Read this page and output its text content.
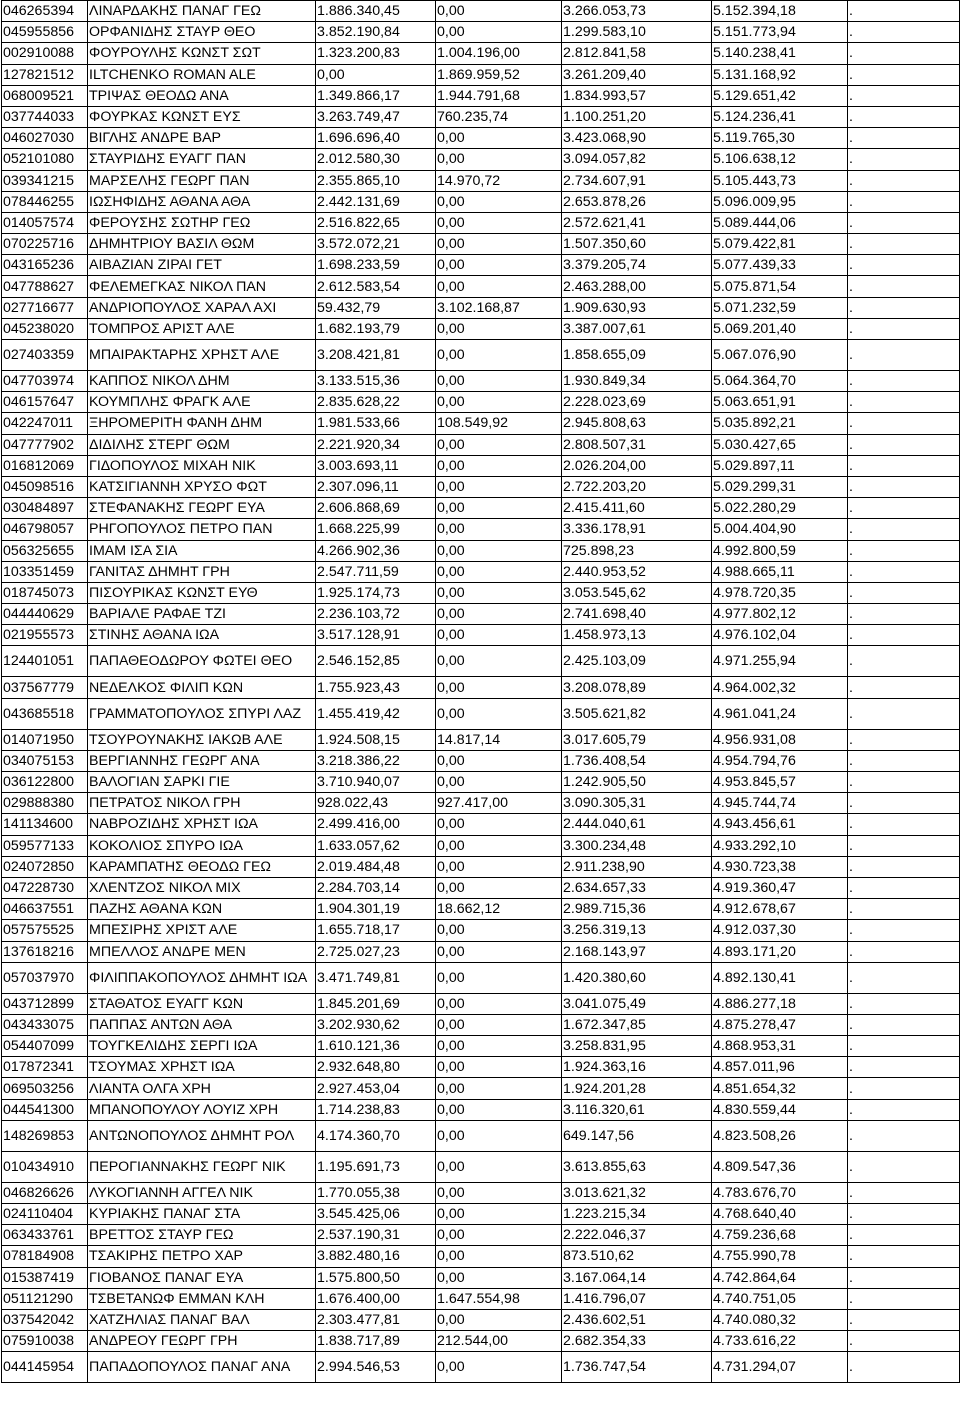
046265394	ΛΙΝΑΡΔΑΚΗΣ ΠΑΝΑΓ ΓΕΩ	1.886.340,45	0,00	3.266.053,73	5.152.394,18	.
045955856	ΟΡΦΑΝΙΔΗΣ ΣΤΑΥΡ ΘΕΟ	3.852.190,84	0,00	1.299.583,10	5.151.773,94	.
002910088	ΦΟΥΡΟΥΛΗΣ ΚΩΝΣΤ ΣΩΤ	1.323.200,83	1.004.196,00	2.812.841,58	5.140.238,41	.
127821512	ILTCHENKO ROMAN ALE	0,00	1.869.959,52	3.261.209,40	5.131.168,92	.
068009521	ΤΡΙΨΑΣ ΘΕΟΔΩ ΑΝΑ	1.349.866,17	1.944.791,68	1.834.993,57	5.129.651,42	.
037744033	ΦΟΥΡΚΑΣ ΚΩΝΣΤ ΕΥΣ	3.263.749,47	760.235,74	1.100.251,20	5.124.236,41	.
046027030	ΒΙΓΛΗΣ ΑΝΔΡΕ ΒΑΡ	1.696.696,40	0,00	3.423.068,90	5.119.765,30	.
052101080	ΣΤΑΥΡΙΔΗΣ ΕΥΑΓΓ ΠΑΝ	2.012.580,30	0,00	3.094.057,82	5.106.638,12	.
039341215	ΜΑΡΣΕΛΗΣ ΓΕΩΡΓ ΠΑΝ	2.355.865,10	14.970,72	2.734.607,91	5.105.443,73	.
078446255	ΙΩΣΗΦΙΔΗΣ ΑΘΑΝΑ ΑΘΑ	2.442.131,69	0,00	2.653.878,26	5.096.009,95	.
014057574	ΦΕΡΟΥΣΗΣ ΣΩΤΗΡ ΓΕΩ	2.516.822,65	0,00	2.572.621,41	5.089.444,06	.
070225716	ΔΗΜΗΤΡΙΟΥ ΒΑΣΙΛ ΘΩΜ	3.572.072,21	0,00	1.507.350,60	5.079.422,81	.
043165236	ΑΙΒΑΖΙΑΝ ΖΙΡΑΙ ΓΕΤ	1.698.233,59	0,00	3.379.205,74	5.077.439,33	.
047788627	ΦΕΛΕΜΕΓΚΑΣ ΝΙΚΟΛ ΠΑΝ	2.612.583,54	0,00	2.463.288,00	5.075.871,54	.
027716677	ΑΝΔΡΙΟΠΟΥΛΟΣ ΧΑΡΑΛ ΑΧΙ	59.432,79	3.102.168,87	1.909.630,93	5.071.232,59	.
045238020	ΤΟΜΠΡΟΣ ΑΡΙΣΤ ΑΛΕ	1.682.193,79	0,00	3.387.007,61	5.069.201,40	.
027403359	ΜΠΑΙΡΑΚΤΑΡΗΣ ΧΡΗΣΤ ΑΛΕ	3.208.421,81	0,00	1.858.655,09	5.067.076,90	.
047703974	ΚΑΠΠΟΣ ΝΙΚΟΛ ΔΗΜ	3.133.515,36	0,00	1.930.849,34	5.064.364,70	.
046157647	ΚΟΥΜΠΛΗΣ ΦΡΑΓΚ ΑΛΕ	2.835.628,22	0,00	2.228.023,69	5.063.651,91	.
042247011	ΞΗΡΟΜΕΡΙΤΗ ΦΑΝΗ ΔΗΜ	1.981.533,66	108.549,92	2.945.808,63	5.035.892,21	.
047777902	ΔΙΔΙΛΗΣ ΣΤΕΡΓ ΘΩΜ	2.221.920,34	0,00	2.808.507,31	5.030.427,65	.
016812069	ΓΙΔΟΠΟΥΛΟΣ ΜΙΧΑΗ ΝΙΚ	3.003.693,11	0,00	2.026.204,00	5.029.897,11	.
045098516	ΚΑΤΣΙΓΙΑΝΝΗ ΧΡΥΣΟ ΦΩΤ	2.307.096,11	0,00	2.722.203,20	5.029.299,31	.
030484897	ΣΤΕΦΑΝΑΚΗΣ ΓΕΩΡΓ ΕΥΑ	2.606.868,69	0,00	2.415.411,60	5.022.280,29	.
046798057	ΡΗΓΟΠΟΥΛΟΣ ΠΕΤΡΟ ΠΑΝ	1.668.225,99	0,00	3.336.178,91	5.004.404,90	.
056325655	ΙΜΑΜ ΙΣΑ ΣΙΑ	4.266.902,36	0,00	725.898,23	4.992.800,59	.
103351459	ΓΑΝΙΤΑΣ ΔΗΜΗΤ ΓΡΗ	2.547.711,59	0,00	2.440.953,52	4.988.665,11	.
018745073	ΠΙΣΟΥΡΙΚΑΣ ΚΩΝΣΤ ΕΥΘ	1.925.174,73	0,00	3.053.545,62	4.978.720,35	.
044440629	ΒΑΡΙΑΛΕ ΡΑΦΑΕ ΤΖΙ	2.236.103,72	0,00	2.741.698,40	4.977.802,12	.
021955573	ΣΤΙΝΗΣ ΑΘΑΝΑ ΙΩΑ	3.517.128,91	0,00	1.458.973,13	4.976.102,04	.
124401051	ΠΑΠΑΘΕΟΔΩΡΟΥ ΦΩΤΕΙ ΘΕΟ	2.546.152,85	0,00	2.425.103,09	4.971.255,94	.
037567779	ΝΕΔΕΛΚΟΣ ΦΙΛΙΠ ΚΩΝ	1.755.923,43	0,00	3.208.078,89	4.964.002,32	.
043685518	ΓΡΑΜΜΑΤΟΠΟΥΛΟΣ ΣΠΥΡΙ ΛΑΖ	1.455.419,42	0,00	3.505.621,82	4.961.041,24	.
014071950	ΤΣΟΥΡΟΥΝΑΚΗΣ ΙΑΚΩΒ ΑΛΕ	1.924.508,15	14.817,14	3.017.605,79	4.956.931,08	.
034075153	ΒΕΡΓΙΑΝΝΗΣ ΓΕΩΡΓ ΑΝΑ	3.218.386,22	0,00	1.736.408,54	4.954.794,76	.
036122800	ΒΑΛΟΓΙΑΝ ΣΑΡΚΙ ΓΙΕ	3.710.940,07	0,00	1.242.905,50	4.953.845,57	.
029888380	ΠΕΤΡΑΤΟΣ ΝΙΚΟΛ ΓΡΗ	928.022,43	927.417,00	3.090.305,31	4.945.744,74	.
141134600	ΝΑΒΡΟΖΙΔΗΣ ΧΡΗΣΤ ΙΩΑ	2.499.416,00	0,00	2.444.040,61	4.943.456,61	.
059577133	ΚΟΚΟΛΙΟΣ ΣΠΥΡΟ ΙΩΑ	1.633.057,62	0,00	3.300.234,48	4.933.292,10	.
024072850	ΚΑΡΑΜΠΑΤΗΣ ΘΕΟΔΩ ΓΕΩ	2.019.484,48	0,00	2.911.238,90	4.930.723,38	.
047228730	ΧΛΕΝΤΖΟΣ ΝΙΚΟΛ ΜΙΧ	2.284.703,14	0,00	2.634.657,33	4.919.360,47	.
046637551	ΠΑΖΗΣ ΑΘΑΝΑ ΚΩΝ	1.904.301,19	18.662,12	2.989.715,36	4.912.678,67	.
057575525	ΜΠΕΣΙΡΗΣ ΧΡΙΣΤ ΑΛΕ	1.655.718,17	0,00	3.256.319,13	4.912.037,30	.
137618216	ΜΠΕΛΛΟΣ ΑΝΔΡΕ ΜΕΝ	2.725.027,23	0,00	2.168.143,97	4.893.171,20	.
057037970	ΦΙΛΙΠΠΑΚΟΠΟΥΛΟΣ ΔΗΜΗΤ ΙΩΑ	3.471.749,81	0,00	1.420.380,60	4.892.130,41	.
043712899	ΣΤΑΘΑΤΟΣ ΕΥΑΓΓ ΚΩΝ	1.845.201,69	0,00	3.041.075,49	4.886.277,18	.
043433075	ΠΑΠΠΑΣ ΑΝΤΩΝ ΑΘΑ	3.202.930,62	0,00	1.672.347,85	4.875.278,47	.
054407099	ΤΟΥΓΚΕΛΙΔΗΣ ΣΕΡΓΙ ΙΩΑ	1.610.121,36	0,00	3.258.831,95	4.868.953,31	.
017872341	ΤΣΟΥΜΑΣ ΧΡΗΣΤ ΙΩΑ	2.932.648,80	0,00	1.924.363,16	4.857.011,96	.
069503256	ΛΙΑΝΤΑ ΟΛΓΑ ΧΡΗ	2.927.453,04	0,00	1.924.201,28	4.851.654,32	.
044541300	ΜΠΑΝΟΠΟΥΛΟΥ ΛΟΥΙΖ ΧΡΗ	1.714.238,83	0,00	3.116.320,61	4.830.559,44	.
148269853	ΑΝΤΩΝΟΠΟΥΛΟΣ ΔΗΜΗΤ ΡΟΛ	4.174.360,70	0,00	649.147,56	4.823.508,26	.
010434910	ΠΕΡΟΓΙΑΝΝΑΚΗΣ ΓΕΩΡΓ ΝΙΚ	1.195.691,73	0,00	3.613.855,63	4.809.547,36	.
046826626	ΛΥΚΟΓΙΑΝΝΗ ΑΓΓΕΛ ΝΙΚ	1.770.055,38	0,00	3.013.621,32	4.783.676,70	.
024110404	ΚΥΡΙΑΚΗΣ ΠΑΝΑΓ ΣΤΑ	3.545.425,06	0,00	1.223.215,34	4.768.640,40	.
063433761	ΒΡΕΤΤΟΣ ΣΤΑΥΡ ΓΕΩ	2.537.190,31	0,00	2.222.046,37	4.759.236,68	.
078184908	ΤΣΑΚΙΡΗΣ ΠΕΤΡΟ ΧΑΡ	3.882.480,16	0,00	873.510,62	4.755.990,78	.
015387419	ΓΙΟΒΑΝΟΣ ΠΑΝΑΓ ΕΥΑ	1.575.800,50	0,00	3.167.064,14	4.742.864,64	.
051121290	ΤΣΒΕΤΑΝΩΦ ΕΜΜΑΝ ΚΛΗ	1.676.400,00	1.647.554,98	1.416.796,07	4.740.751,05	.
037542042	ΧΑΤΖΗΛΙΑΣ ΠΑΝΑΓ ΒΑΛ	2.303.477,81	0,00	2.436.602,51	4.740.080,32	.
075910038	ΑΝΔΡΕΟΥ ΓΕΩΡΓ ΓΡΗ	1.838.717,89	212.544,00	2.682.354,33	4.733.616,22	.
044145954	ΠΑΠΑΔΟΠΟΥΛΟΣ ΠΑΝΑΓ ΑΝΑ	2.994.546,53	0,00	1.736.747,54	4.731.294,07	.
